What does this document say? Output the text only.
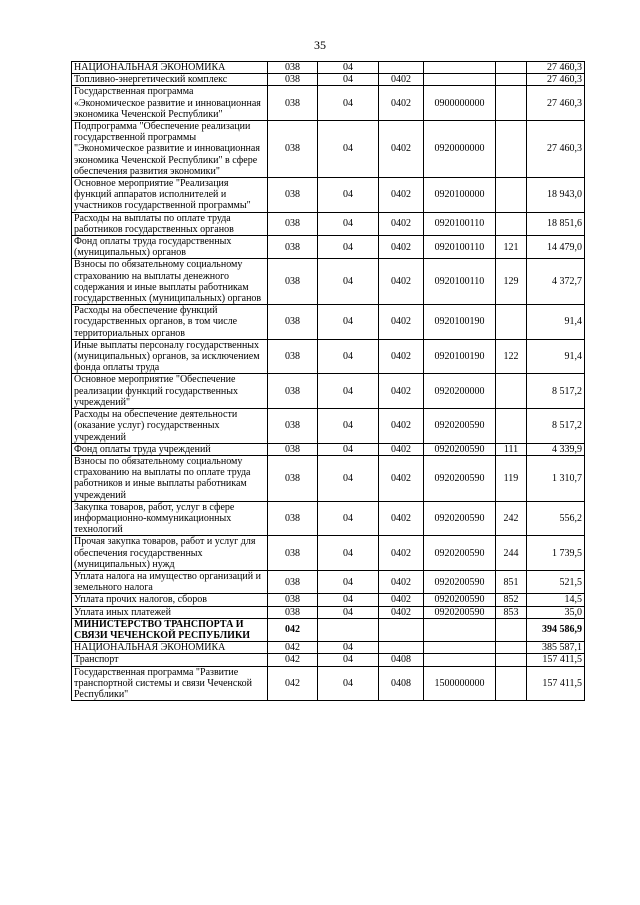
35
НАЦИОНАЛЬНАЯ ЭКОНОМИКА	038	04				27 460,3
Топливно-энергетический комплекс	038	04	0402			27 460,3
Государственная программа «Экономическое развитие и инновационная экономика Чеченской Республики"	038	04	0402	0900000000		27 460,3
Подпрограмма "Обеспечение реализации государственной программы "Экономическое развитие и инновационная экономика Чеченской Республики" в сфере обеспечения развития экономики"	038	04	0402	0920000000		27 460,3
Основное мероприятие "Реализация функций аппаратов исполнителей и участников государственной программы"	038	04	0402	0920100000		18 943,0
Расходы на выплаты по оплате труда работников государственных органов	038	04	0402	0920100110		18 851,6
Фонд оплаты труда государственных (муниципальных) органов	038	04	0402	0920100110	121	14 479,0
Взносы по обязательному социальному страхованию на выплаты денежного содержания и иные выплаты работникам государственных (муниципальных) органов	038	04	0402	0920100110	129	4 372,7
Расходы на обеспечение функций государственных органов, в том числе территориальных органов	038	04	0402	0920100190		91,4
Иные выплаты персоналу государственных (муниципальных) органов, за исключением фонда оплаты труда	038	04	0402	0920100190	122	91,4
Основное мероприятие "Обеспечение реализации функций государственных учреждений"	038	04	0402	0920200000		8 517,2
Расходы на обеспечение деятельности (оказание услуг) государственных учреждений	038	04	0402	0920200590		8 517,2
Фонд оплаты труда учреждений	038	04	0402	0920200590	111	4 339,9
Взносы по обязательному социальному страхованию на выплаты по оплате труда работников и иные выплаты работникам учреждений	038	04	0402	0920200590	119	1 310,7
Закупка товаров, работ, услуг в сфере информационно-коммуникационных технологий	038	04	0402	0920200590	242	556,2
Прочая закупка товаров, работ и услуг для обеспечения государственных (муниципальных) нужд	038	04	0402	0920200590	244	1 739,5
Уплата налога на имущество организаций и земельного налога	038	04	0402	0920200590	851	521,5
Уплата прочих налогов, сборов	038	04	0402	0920200590	852	14,5
Уплата иных платежей	038	04	0402	0920200590	853	35,0
МИНИСТЕРСТВО ТРАНСПОРТА И СВЯЗИ ЧЕЧЕНСКОЙ РЕСПУБЛИКИ	042					394 586,9
НАЦИОНАЛЬНАЯ ЭКОНОМИКА	042	04				385 587,1
Транспорт	042	04	0408			157 411,5
Государственная программа "Развитие транспортной системы и связи Чеченской Республики"	042	04	0408	1500000000		157 411,5
